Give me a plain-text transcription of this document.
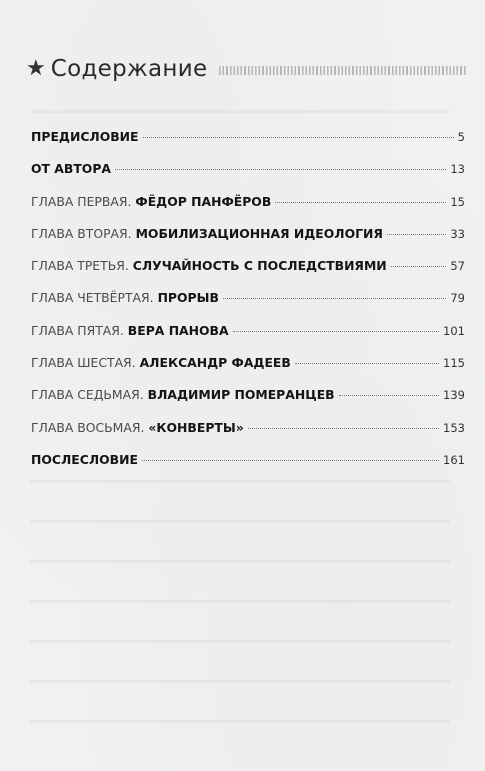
★ Содержание
ПРЕДИСЛОВИЕ	5
ОТ АВТОРА	13
ГЛАВА ПЕРВАЯ. ФЁДОР ПАНФЁРОВ	15
ГЛАВА ВТОРАЯ. МОБИЛИЗАЦИОННАЯ ИДЕОЛОГИЯ	33
ГЛАВА ТРЕТЬЯ. СЛУЧАЙНОСТЬ С ПОСЛЕДСТВИЯМИ	57
ГЛАВА ЧЕТВЁРТАЯ. ПРОРЫВ	79
ГЛАВА ПЯТАЯ. ВЕРА ПАНОВА	101
ГЛАВА ШЕСТАЯ. АЛЕКСАНДР ФАДЕЕВ	115
ГЛАВА СЕДЬМАЯ. ВЛАДИМИР ПОМЕРАНЦЕВ	139
ГЛАВА ВОСЬМАЯ. «КОНВЕРТЫ»	153
ПОСЛЕСЛОВИЕ	161
